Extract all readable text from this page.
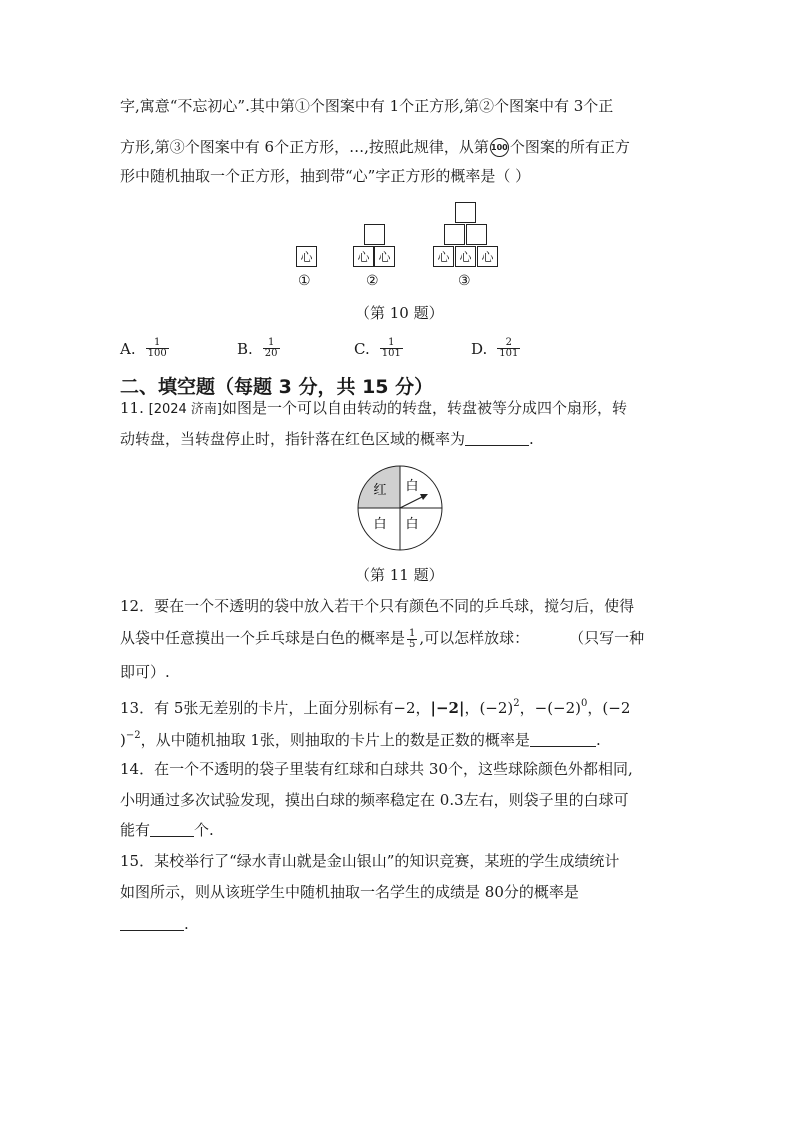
字,寓意“不忘初心”.其中第①个图案中有 1个正方形,第②个图案中有 3个正
方形,第③个图案中有 6个正方形，…,按照此规律，从第 100 个图案的所有正方
形中随机抽取一个正方形，抽到带“心”字正方形的概率是（ ）
心	心 心	心 心 心
①	②	③
（第 10 题）
A. $\frac{1}{100}$	B. $\frac{1}{20}$	C. $\frac{1}{101}$	D. $\frac{2}{101}$
二、填空题（每题 3 分，共 15 分）
11. [2024 济南]如图是一个可以自由转动的转盘，转盘被等分成四个扇形，转
动转盘，当转盘停止时，指针落在红色区域的概率为	.
红 白
白 白
（第 11 题）
12．要在一个不透明的袋中放入若干个只有颜色不同的乒乓球，搅匀后，使得
从袋中任意摸出一个乒乓球是白色的概率是 $\frac{1}{5}$ ,可以怎样放球：	（只写一种
即可）.
13．有 5张无差别的卡片，上面分别标有−2，|−2|，$(-2)^2$，$-(-2)^0$，(−2
)$^{-2}$，从中随机抽取 1张，则抽取的卡片上的数是正数的概率是	.
14．在一个不透明的袋子里装有红球和白球共 30个，这些球除颜色外都相同,
小明通过多次试验发现，摸出白球的频率稳定在 0.3左右，则袋子里的白球可
能有	个.
15．某校举行了“绿水青山就是金山银山”的知识竞赛，某班的学生成绩统计
如图所示，则从该班学生中随机抽取一名学生的成绩是 80分的概率是
.
